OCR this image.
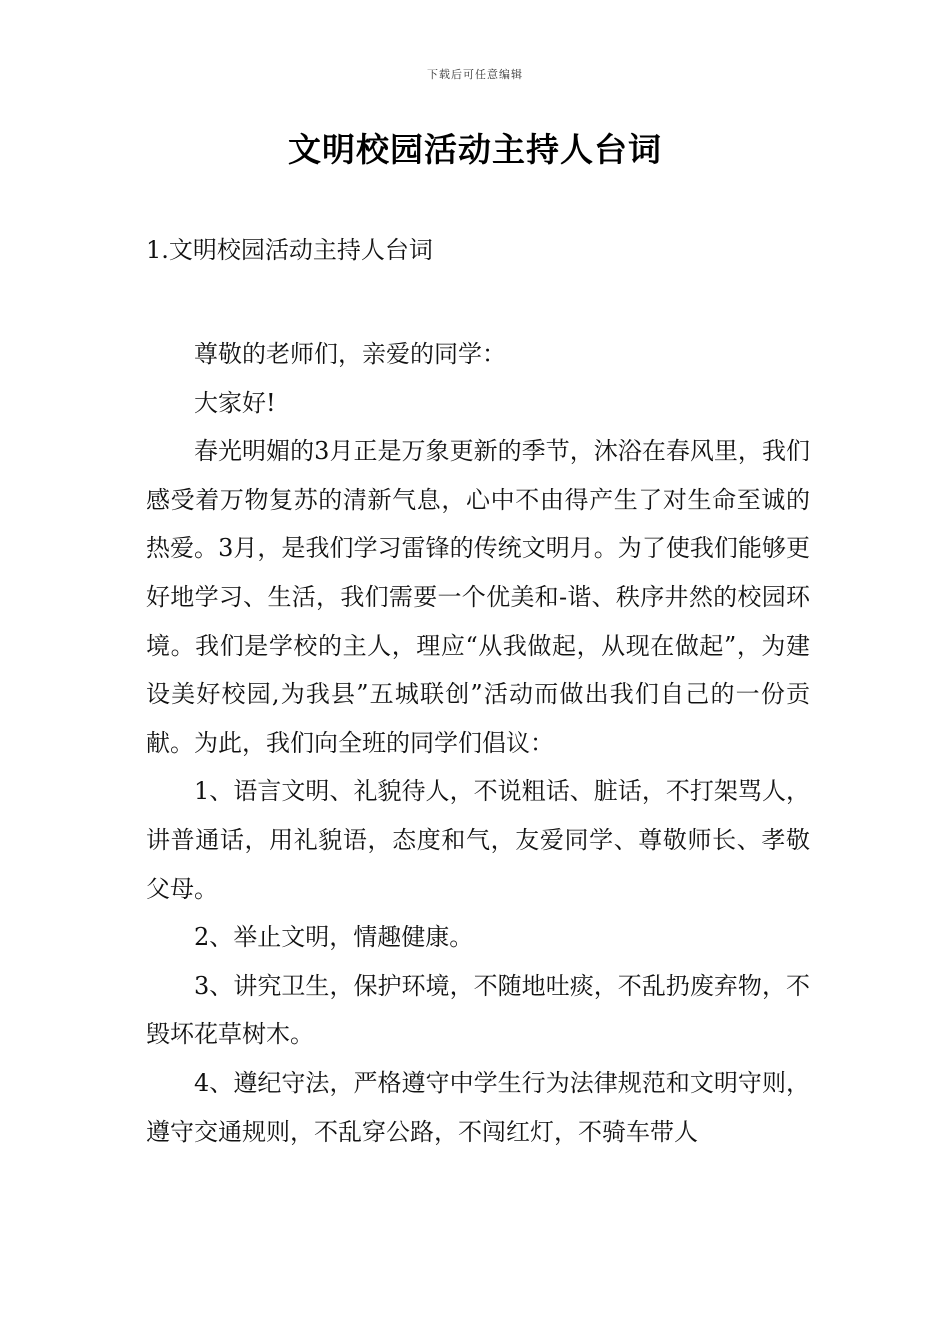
下载后可任意编辑
文明校园活动主持人台词
1.文明校园活动主持人台词

尊敬的老师们，亲爱的同学：

大家好!

春光明媚的3月正是万象更新的季节，沐浴在春风里，我们感受着万物复苏的清新气息，心中不由得产生了对生命至诚的热爱。3月，是我们学习雷锋的传统文明月。为了使我们能够更好地学习、生活，我们需要一个优美和-谐、秩序井然的校园环境。我们是学校的主人，理应“从我做起，从现在做起”，为建设美好校园,为我县”五城联创”活动而做出我们自己的一份贡献。为此，我们向全班的同学们倡议：

1、语言文明、礼貌待人，不说粗话、脏话，不打架骂人，讲普通话，用礼貌语，态度和气，友爱同学、尊敬师长、孝敬父母。

2、举止文明，情趣健康。

3、讲究卫生，保护环境，不随地吐痰，不乱扔废弃物，不毁坏花草树木。

4、遵纪守法，严格遵守中学生行为法律规范和文明守则，遵守交通规则，不乱穿公路，不闯红灯，不骑车带人
